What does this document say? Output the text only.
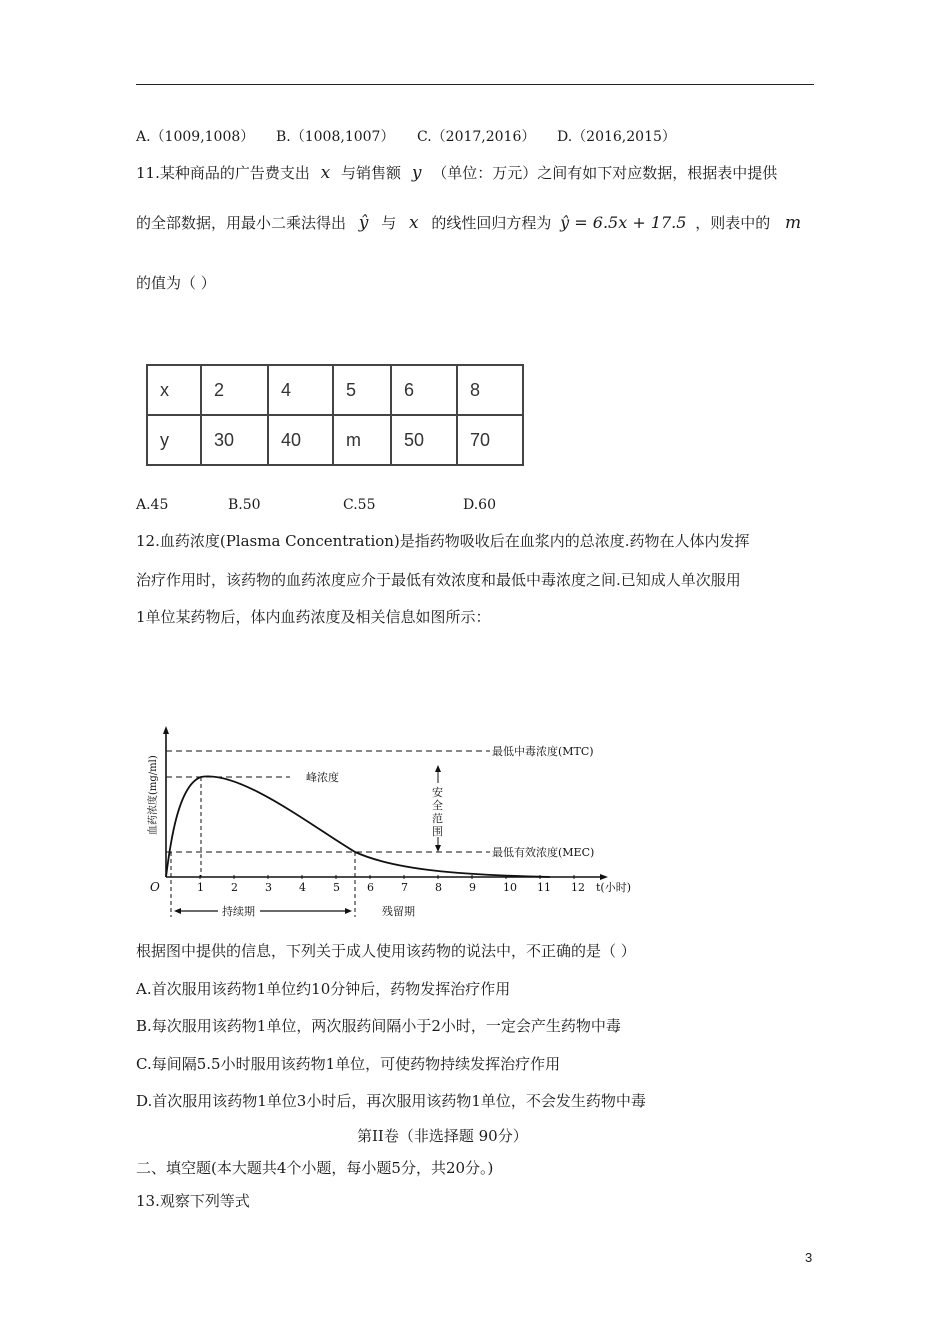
A.（1009,1008） B.（1008,1007） C.（2017,2016） D.（2016,2015）
11.某种商品的广告费支出 x 与销售额 y （单位：万元）之间有如下对应数据，根据表中提供
的全部数据，用最小二乘法得出 ŷ 与 x 的线性回归方程为 ŷ = 6.5x + 17.5 ，则表中的 m
的值为（ ）
x	2	4	5	6	8
y	30	40	m	50	70
A.45	B.50	C.55	D.60
12.血药浓度(Plasma Concentration)是指药物吸收后在血浆内的总浓度.药物在人体内发挥
治疗作用时，该药物的血药浓度应介于最低有效浓度和最低中毒浓度之间.已知成人单次服用
1单位某药物后，体内血药浓度及相关信息如图所示：
最低中毒浓度(MTC)
峰浓度
安
全
范
围
最低有效浓度(MEC)
血药浓度(mg/ml)
O	1 2 3 4 5 6 7 8 9 10 11 12 t(小时)
持续期	残留期
根据图中提供的信息，下列关于成人使用该药物的说法中，不正确的是（ ）
A.首次服用该药物1单位约10分钟后，药物发挥治疗作用
B.每次服用该药物1单位，两次服药间隔小于2小时，一定会产生药物中毒
C.每间隔5.5小时服用该药物1单位，可使药物持续发挥治疗作用
D.首次服用该药物1单位3小时后，再次服用该药物1单位，不会发生药物中毒
第II卷（非选择题 90分）
二、填空题(本大题共4个小题，每小题5分，共20分。)
13.观察下列等式
3
